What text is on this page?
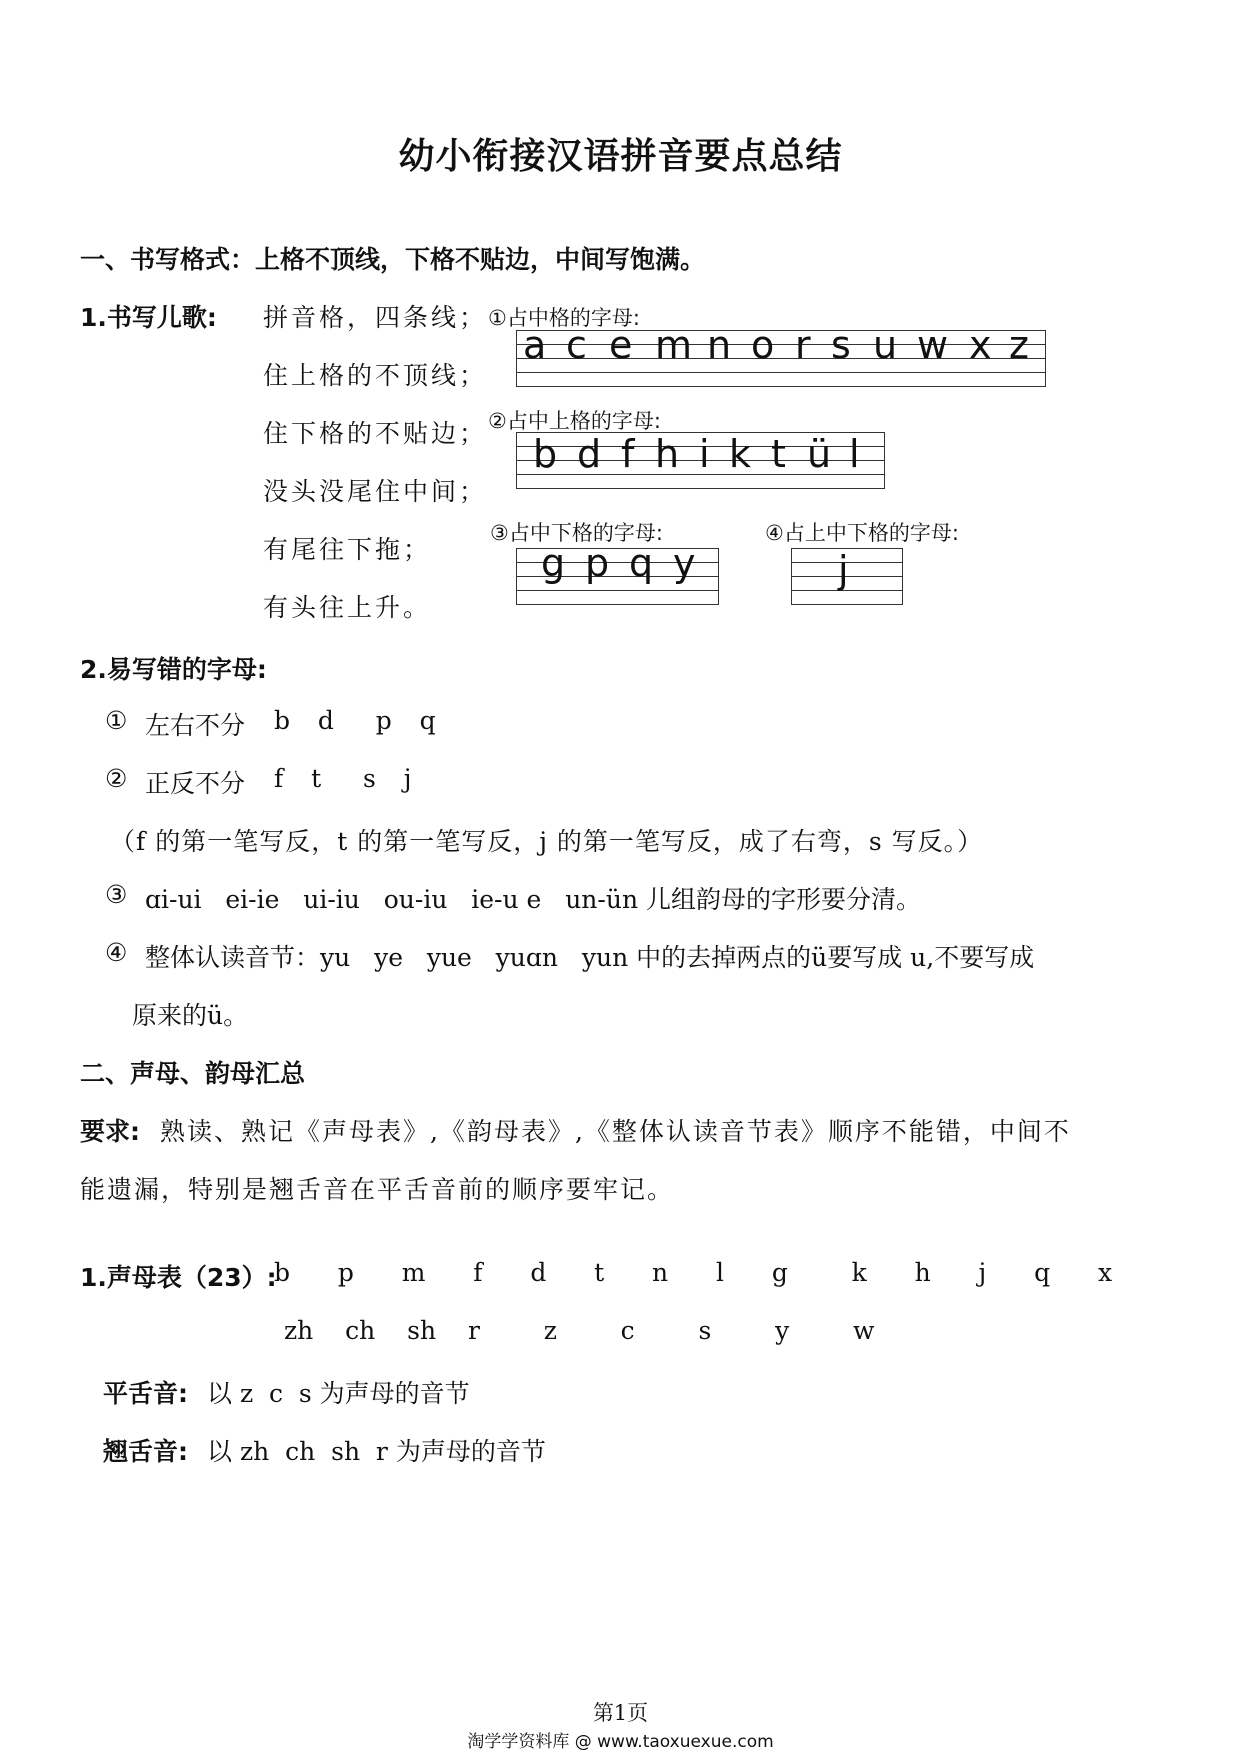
幼小衔接汉语拼音要点总结
一、书写格式：上格不顶线，下格不贴边，中间写饱满。
1.书写儿歌: 拼音格，四条线；
住上格的不顶线；
住下格的不贴边；
没头没尾住中间；
有尾往下拖；
有头往上升。
①占中格的字母:
a c e m n o r s u w x z
②占中上格的字母:
b d f h i k t ü l
③占中下格的字母:
g p q y
④占上中下格的字母:
j
2.易写错的字母:
① 左右不分 b  d   p  q
② 正反不分 f  t   s  j
（f 的第一笔写反，t 的第一笔写反，j 的第一笔写反，成了右弯，s 写反。）
③ ɑi-ui   ei-ie   ui-iu   ou-iu   ie-u e   un-ün 儿组韵母的字形要分清。
④ 整体认读音节：yu   ye   yue   yuɑn   yun 中的去掉两点的ü要写成 u,不要写成
原来的ü。
二、声母、韵母汇总
要求: 熟读、熟记《声母表》,《韵母表》,《整体认读音节表》顺序不能错，中间不
能遗漏，特别是翘舌音在平舌音前的顺序要牢记。
1.声母表（23）:
b   p   m   f   d   t   n   l   g    k   h   j   q   x
zh  ch  sh  r    z    c    s    y    w
平舌音: 以 z  c  s 为声母的音节
翘舌音: 以 zh  ch  sh  r 为声母的音节
第1页
淘学学资料库 @ www.taoxuexue.com
